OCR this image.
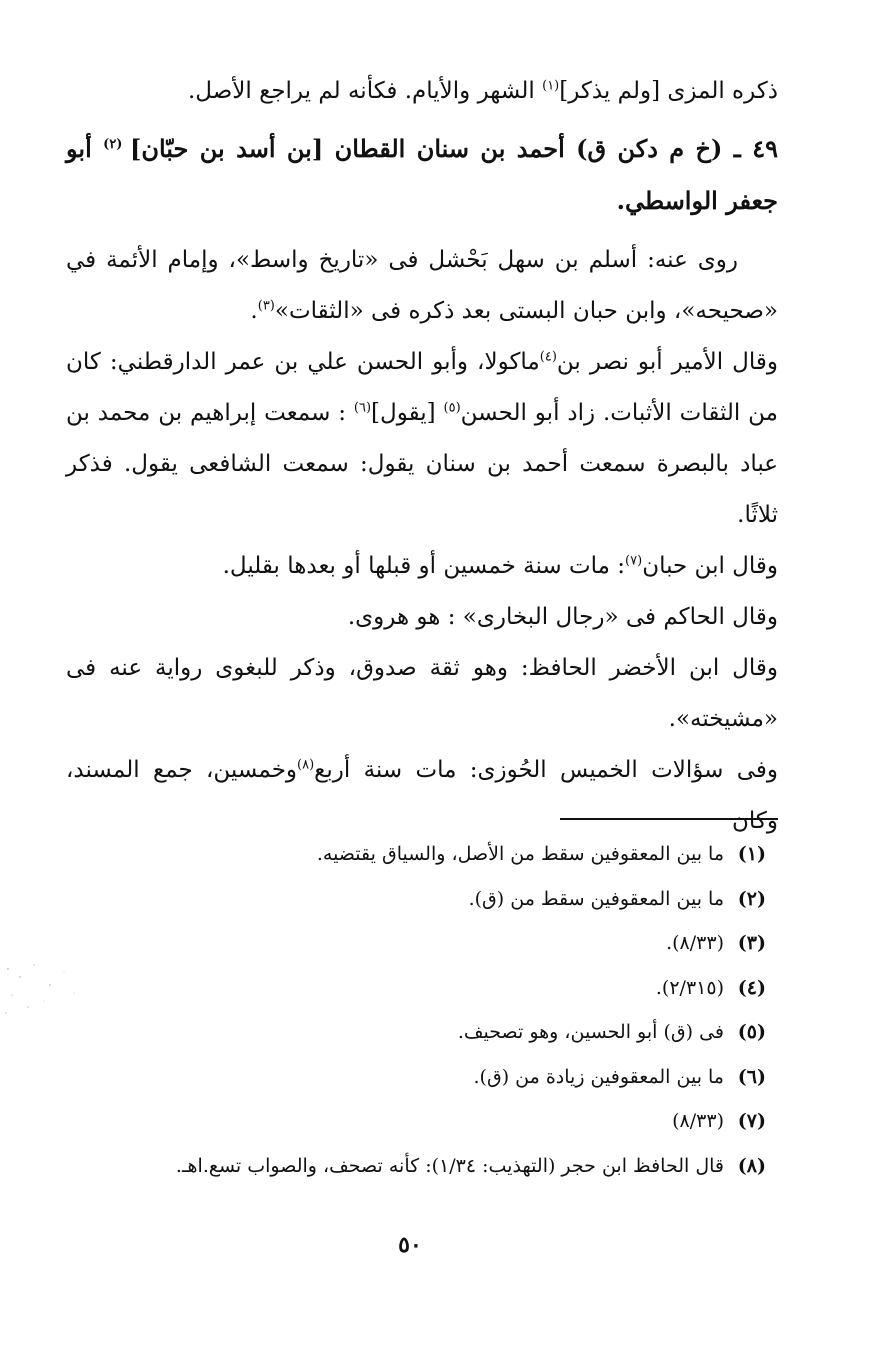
ذكره المزى [ولم يذكر]$^{(١)}$ الشهر والأيام. فكأنه لم يراجع الأصل.

٤٩ ـ (خ م دكن ق) أحمد بن سنان القطان [بن أسد بن حبّان] $^{(٢)}$ أبو جعفر الواسطي.

روى عنه: أسلم بن سهل بَحْشل فى «تاريخ واسط»، وإمام الأئمة في «صحيحه»، وابن حبان البستى بعد ذكره فى «الثقات»$^{(٣)}$.

وقال الأمير أبو نصر بن$^{(٤)}$ماكولا، وأبو الحسن علي بن عمر الدارقطني: كان من الثقات الأثبات. زاد أبو الحسن$^{(٥)}$ [يقول]$^{(٦)}$ : سمعت إبراهيم بن محمد بن عباد بالبصرة سمعت أحمد بن سنان يقول: سمعت الشافعى يقول. فذكر ثلاثًا.

وقال ابن حبان$^{(٧)}$: مات سنة خمسين أو قبلها أو بعدها بقليل.

وقال الحاكم فى «رجال البخارى» : هو هروى.

وقال ابن الأخضر الحافظ: وهو ثقة صدوق، وذكر للبغوى رواية عنه فى «مشيخته».

وفى سؤالات الخميس الحُوزى: مات سنة أربع$^{(٨)}$وخمسين، جمع المسند، وكان

(١)ما بين المعقوفين سقط من الأصل، والسياق يقتضيه.

(٢)ما بين المعقوفين سقط من (ق).

(٣)(٨/٣٣).

(٤)(٢/٣١٥).

(٥)فى (ق) أبو الحسين، وهو تصحيف.

(٦)ما بين المعقوفين زيادة من (ق).

(٧)(٨/٣٣)

(٨)قال الحافظ ابن حجر (التهذيب: ١/٣٤): كأنه تصحف، والصواب تسع.اهـ.

٥٠
